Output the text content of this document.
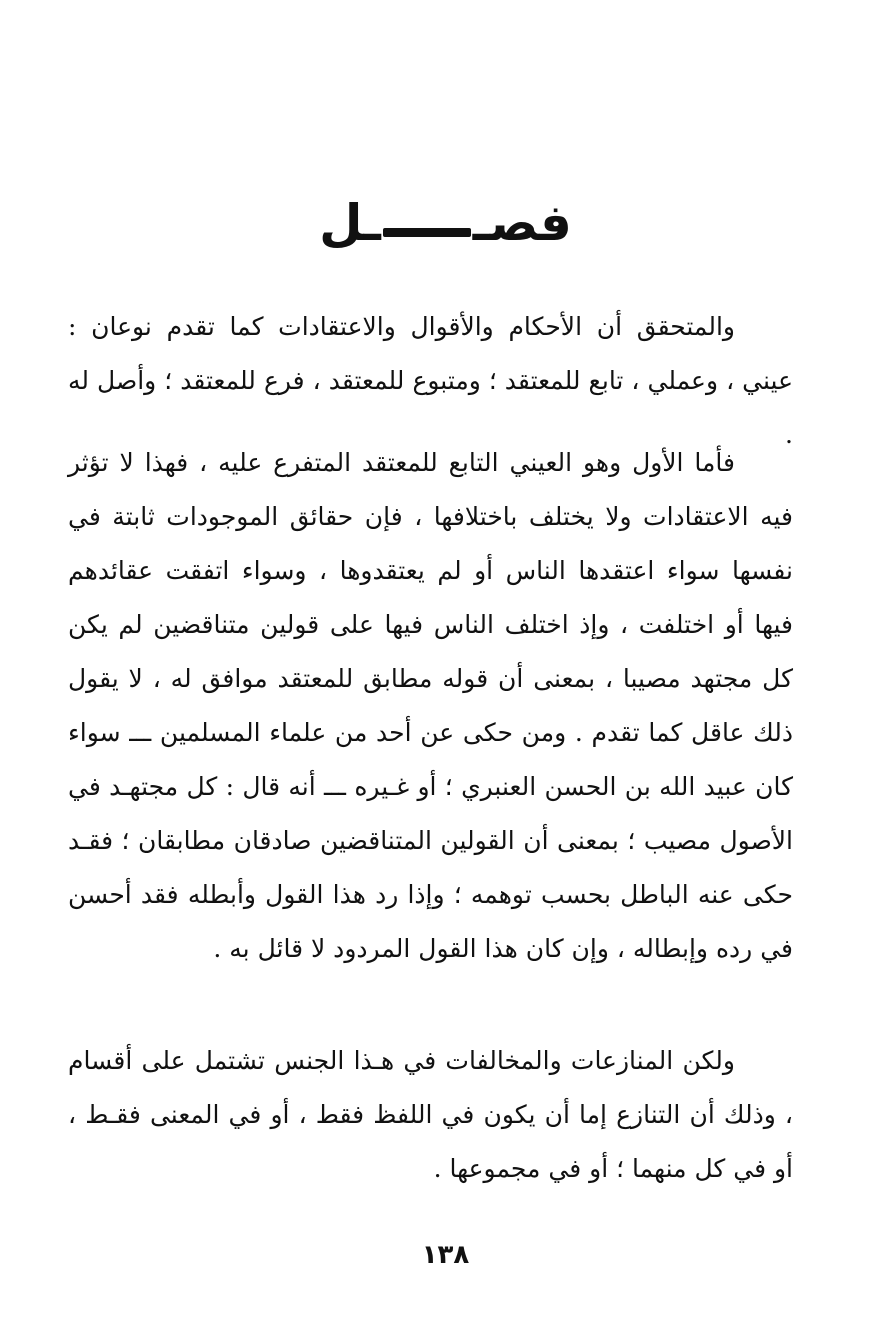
فصــل

والمتحقق أن الأحكام والأقوال والاعتقادات كما تقدم نوعان : عيني ، وعملي ، تابع للمعتقد ؛ ومتبوع للمعتقد ، فرع للمعتقد ؛ وأصل له .

فأما الأول وهو العيني التابع للمعتقد المتفرع عليه ، فهذا لا تؤثر فيه الاعتقادات ولا يختلف باختلافها ، فإن حقائق الموجودات ثابتة في نفسها سواء اعتقدها الناس أو لم يعتقدوها ، وسواء اتفقت عقائدهم فيها أو اختلفت ، وإذ اختلف الناس فيها على قولين متناقضين لم يكن كل مجتهد مصيبا ، بمعنى أن قوله مطابق للمعتقد موافق له ، لا يقول ذلك عاقل كما تقدم . ومن حكى عن أحد من علماء المسلمين ـــ سواء كان عبيد الله بن الحسن العنبري ؛ أو غـيره ـــ أنه قال : كل مجتهـد في الأصول مصيب ؛ بمعنى أن القولين المتناقضين صادقان مطابقان ؛ فقـد حكى عنه الباطل بحسب توهمه ؛ وإذا رد هذا القول وأبطله فقد أحسن في رده وإبطاله ، وإن كان هذا القول المردود لا قائل به .

ولكن المنازعات والمخالفات في هـذا الجنس تشتمل على أقسام ، وذلك أن التنازع إما أن يكون في اللفظ فقط ، أو في المعنى فقـط ، أو في كل منهما ؛ أو في مجموعها .

١٣٨
